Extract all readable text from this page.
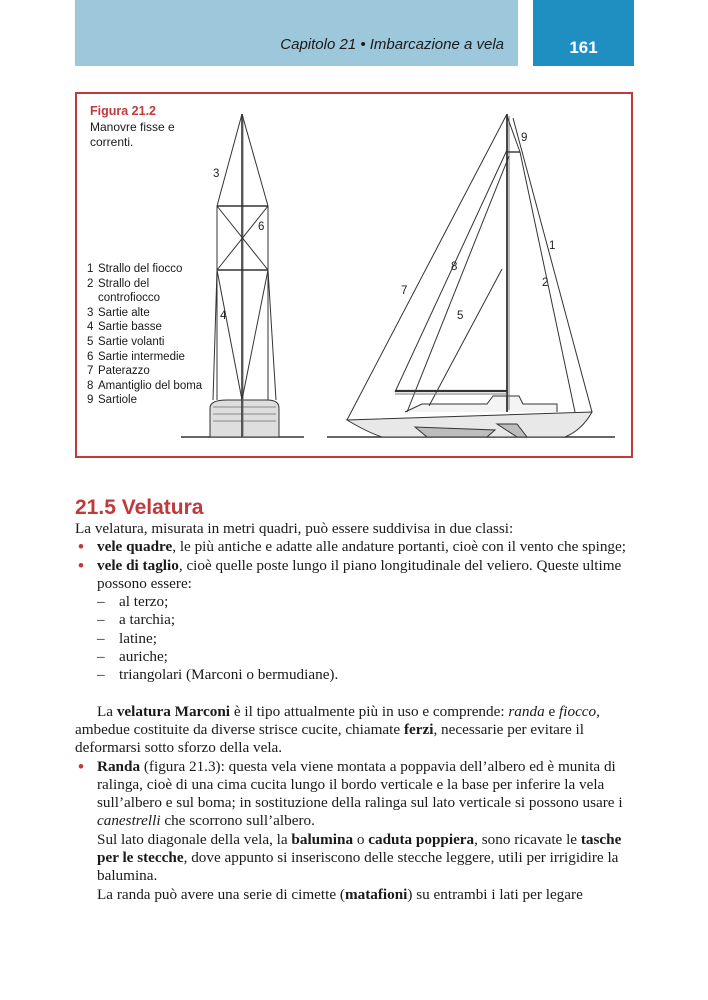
Capitolo 21 • Imbarcazione a vela	161
Figura 21.2
Manovre fisse e correnti.
1 Strallo del fiocco
2 Strallo del controfiocco
3 Sartie alte
4 Sartie basse
5 Sartie volanti
6 Sartie intermedie
7 Paterazzo
8 Amantiglio del boma
9 Sartiole
3
6
4
9
1
2
8
7
5
21.5 Velatura

La velatura, misurata in metri quadri, può essere suddivisa in due classi:

• vele quadre, le più antiche e adatte alle andature portanti, cioè con il vento che spinge;

• vele di taglio, cioè quelle poste lungo il piano longitudinale del veliero. Queste ultime possono essere:

– al terzo;

– a tarchia;

– latine;

– auriche;

– triangolari (Marconi o bermudiane).

La velatura Marconi è il tipo attualmente più in uso e comprende: randa e fiocco, ambedue costituite da diverse strisce cucite, chiamate ferzi, necessarie per evitare il deformarsi sotto sforzo della vela.

• Randa (figura 21.3): questa vela viene montata a poppavia dell’albero ed è munita di ralinga, cioè di una cima cucita lungo il bordo verticale e la base per inferire la vela sull’albero e sul boma; in sostituzione della ralinga sul lato verticale si possono usare i canestrelli che scorrono sull’albero.

Sul lato diagonale della vela, la balumina o caduta poppiera, sono ricavate le tasche per le stecche, dove appunto si inseriscono delle stecche leggere, utili per irrigidire la balumina.

La randa può avere una serie di cimette (matafioni) su entrambi i lati per legare
